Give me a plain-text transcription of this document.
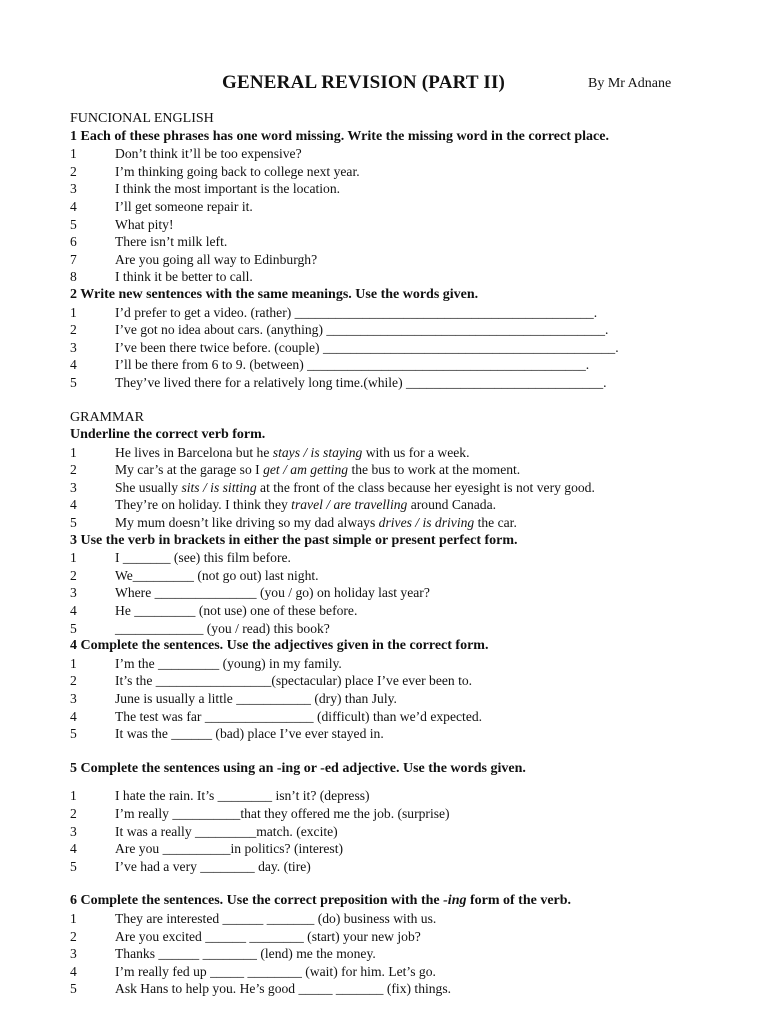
GENERAL REVISION (PART II)	By Mr Adnane

FUNCIONAL ENGLISH

1 Each of these phrases has one word missing. Write the missing word in the correct place.

1	Don’t think it’ll be too expensive?
2	I’m thinking going back to college next year.
3	I think the most important is the location.
4	I’ll get someone repair it.
5	What pity!
6	There isn’t milk left.
7	Are you going all way to Edinburgh?
8	I think it be better to call.

2 Write new sentences with the same meanings. Use the words given.

1	I’d prefer to get a video. (rather) ____________________________________________.
2	I’ve got no idea about cars. (anything) _________________________________________.
3	I’ve been there twice before. (couple) ___________________________________________.
4	I’ll be there from 6 to 9. (between) _________________________________________.
5	They’ve lived there for a relatively long time.(while) _____________________________.

GRAMMAR

Underline the correct verb form.

1	He lives in Barcelona but he stays / is staying with us for a week.
2	My car’s at the garage so I get / am getting the bus to work at the moment.
3	She usually sits / is sitting at the front of the class because her eyesight is not very good.
4	They’re on holiday. I think they travel / are travelling around Canada.
5	My mum doesn’t like driving so my dad always drives / is driving the car.

3 Use the verb in brackets in either the past simple or present perfect form.

1	I _______ (see) this film before.
2	We_________ (not go out) last night.
3	Where _______________ (you / go) on holiday last year?
4	He _________ (not use) one of these before.
5	_____________ (you / read) this book?

4 Complete the sentences. Use the adjectives given in the correct form.

1	I’m the _________ (young) in my family.
2	It’s the _________________(spectacular) place I’ve ever been to.
3	June is usually a little ___________ (dry) than July.
4	The test was far ________________ (difficult) than we’d expected.
5	It was the ______ (bad) place I’ve ever stayed in.

5 Complete the sentences using an -ing or -ed adjective. Use the words given.

1	I hate the rain. It’s ________ isn’t it? (depress)
2	I’m really __________that they offered me the job. (surprise)
3	It was a really _________match. (excite)
4	Are you __________in politics? (interest)
5	I’ve had a very ________ day. (tire)

6 Complete the sentences. Use the correct preposition with the -ing form of the verb.

1	They are interested ______ _______ (do) business with us.
2	Are you excited ______ ________ (start) your new job?
3	Thanks ______ ________ (lend) me the money.
4	I’m really fed up _____ ________ (wait) for him. Let’s go.
5	Ask Hans to help you. He’s good _____ _______ (fix) things.
